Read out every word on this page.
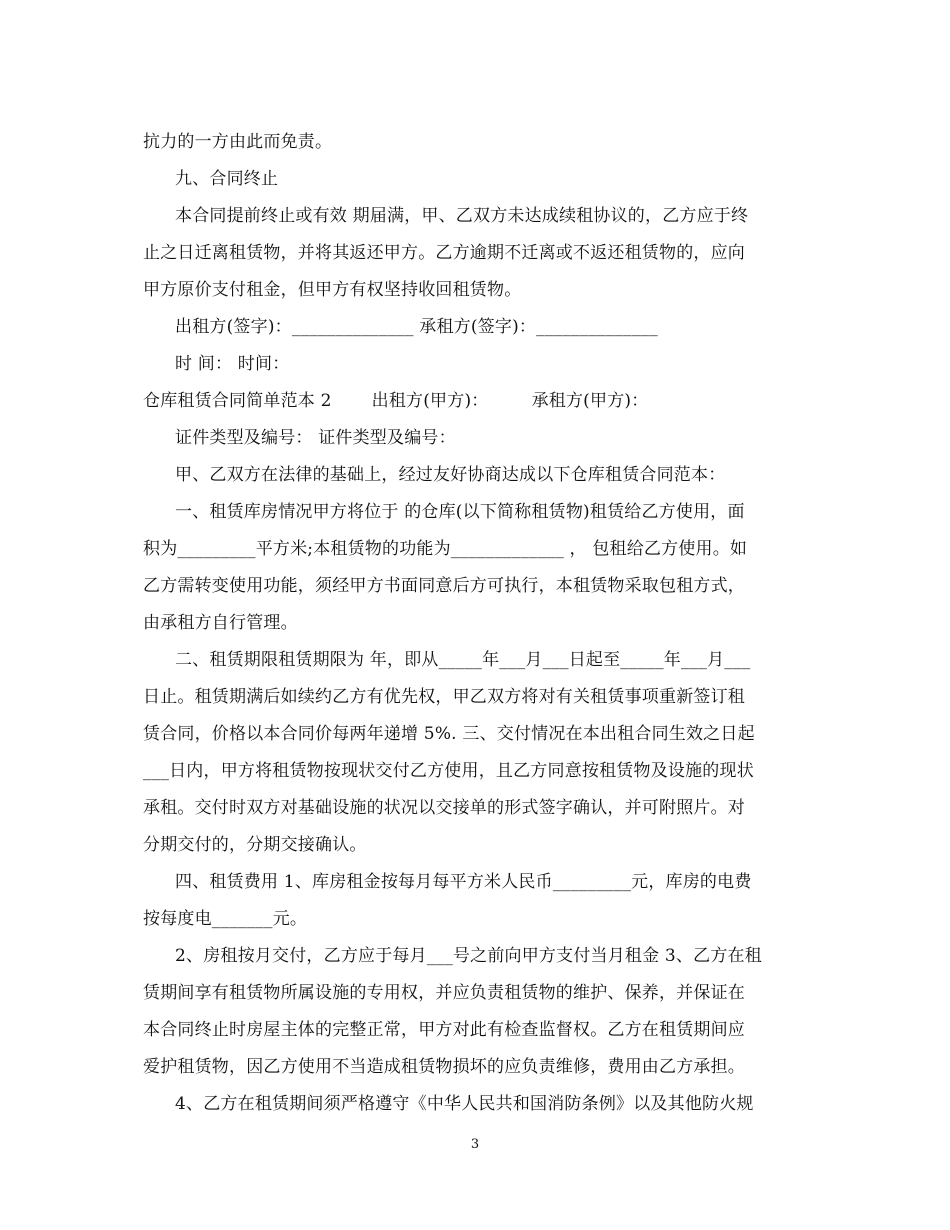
抗力的一方由此而免责。
九、合同终止
本合同提前终止或有效 期届满，甲、乙双方未达成续租协议的，乙方应于终
止之日迁离租赁物，并将其返还甲方。乙方逾期不迁离或不返还租赁物的，应向
甲方原价支付租金，但甲方有权坚持收回租赁物。
出租方(签字)：______________ 承租方(签字)：______________
时 间： 时间：
仓库租赁合同简单范本 2　　 出租方(甲方)：　　　承租方(甲方)：
证件类型及编号： 证件类型及编号：
甲、乙双方在法律的基础上，经过友好协商达成以下仓库租赁合同范本：
一、租赁库房情况甲方将位于 的仓库(以下简称租赁物)租赁给乙方使用，面
积为_________平方米;本租赁物的功能为_____________ ， 包租给乙方使用。如
乙方需转变使用功能，须经甲方书面同意后方可执行，本租赁物采取包租方式，
由承租方自行管理。
二、租赁期限租赁期限为 年，即从_____年___月___日起至_____年___月___
日止。租赁期满后如续约乙方有优先权，甲乙双方将对有关租赁事项重新签订租
赁合同，价格以本合同价每两年递增 5%. 三、交付情况在本出租合同生效之日起
___日内，甲方将租赁物按现状交付乙方使用，且乙方同意按租赁物及设施的现状
承租。交付时双方对基础设施的状况以交接单的形式签字确认，并可附照片。对
分期交付的，分期交接确认。
四、租赁费用 1、库房租金按每月每平方米人民币_________元，库房的电费
按每度电_______元。
2、房租按月交付，乙方应于每月___号之前向甲方支付当月租金 3、乙方在租
赁期间享有租赁物所属设施的专用权，并应负责租赁物的维护、保养，并保证在
本合同终止时房屋主体的完整正常，甲方对此有检查监督权。乙方在租赁期间应
爱护租赁物，因乙方使用不当造成租赁物损坏的应负责维修，费用由乙方承担。
4、乙方在租赁期间须严格遵守《中华人民共和国消防条例》以及其他防火规
3
